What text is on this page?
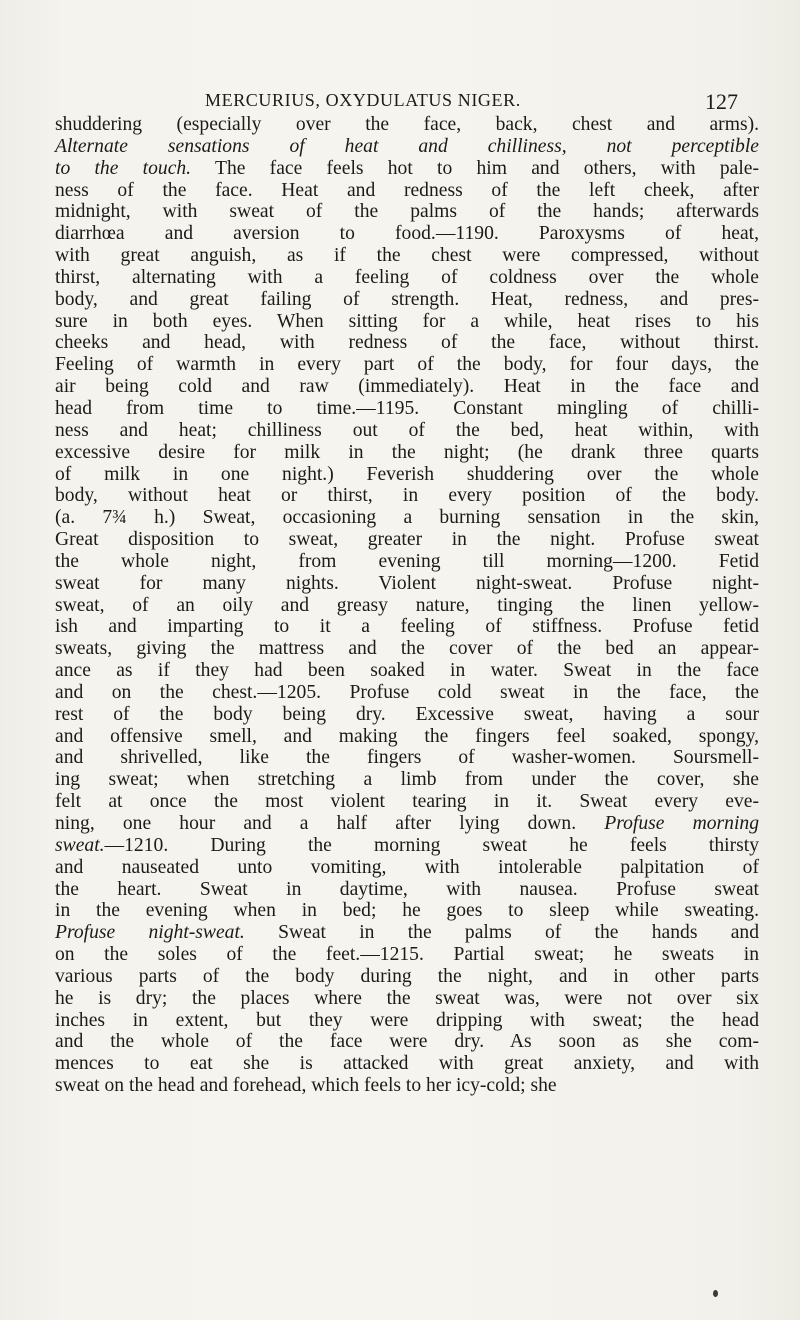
MERCURIUS, OXYDULATUS NIGER.	127
shuddering (especially over the face, back, chest and arms).
Alternate sensations of heat and chilliness, not perceptible
to the touch. The face feels hot to him and others, with pale-
ness of the face. Heat and redness of the left cheek, after
midnight, with sweat of the palms of the hands; afterwards
diarrhœa and aversion to food.—1190. Paroxysms of heat,
with great anguish, as if the chest were compressed, without
thirst, alternating with a feeling of coldness over the whole
body, and great failing of strength. Heat, redness, and pres-
sure in both eyes. When sitting for a while, heat rises to his
cheeks and head, with redness of the face, without thirst.
Feeling of warmth in every part of the body, for four days, the
air being cold and raw (immediately). Heat in the face and
head from time to time.—1195. Constant mingling of chilli-
ness and heat; chilliness out of the bed, heat within, with
excessive desire for milk in the night; (he drank three quarts
of milk in one night.) Feverish shuddering over the whole
body, without heat or thirst, in every position of the body.
(a. 7¾ h.) Sweat, occasioning a burning sensation in the skin,
Great disposition to sweat, greater in the night. Profuse sweat
the whole night, from evening till morning—1200. Fetid
sweat for many nights. Violent night-sweat. Profuse night-
sweat, of an oily and greasy nature, tinging the linen yellow-
ish and imparting to it a feeling of stiffness. Profuse fetid
sweats, giving the mattress and the cover of the bed an appear-
ance as if they had been soaked in water. Sweat in the face
and on the chest.—1205. Profuse cold sweat in the face, the
rest of the body being dry. Excessive sweat, having a sour
and offensive smell, and making the fingers feel soaked, spongy,
and shrivelled, like the fingers of washer-women. Soursmell-
ing sweat; when stretching a limb from under the cover, she
felt at once the most violent tearing in it. Sweat every eve-
ning, one hour and a half after lying down. Profuse morning
sweat.—1210. During the morning sweat he feels thirsty
and nauseated unto vomiting, with intolerable palpitation of
the heart. Sweat in daytime, with nausea. Profuse sweat
in the evening when in bed; he goes to sleep while sweating.
Profuse night-sweat. Sweat in the palms of the hands and
on the soles of the feet.—1215. Partial sweat; he sweats in
various parts of the body during the night, and in other parts
he is dry; the places where the sweat was, were not over six
inches in extent, but they were dripping with sweat; the head
and the whole of the face were dry. As soon as she com-
mences to eat she is attacked with great anxiety, and with
sweat on the head and forehead, which feels to her icy-cold; she
